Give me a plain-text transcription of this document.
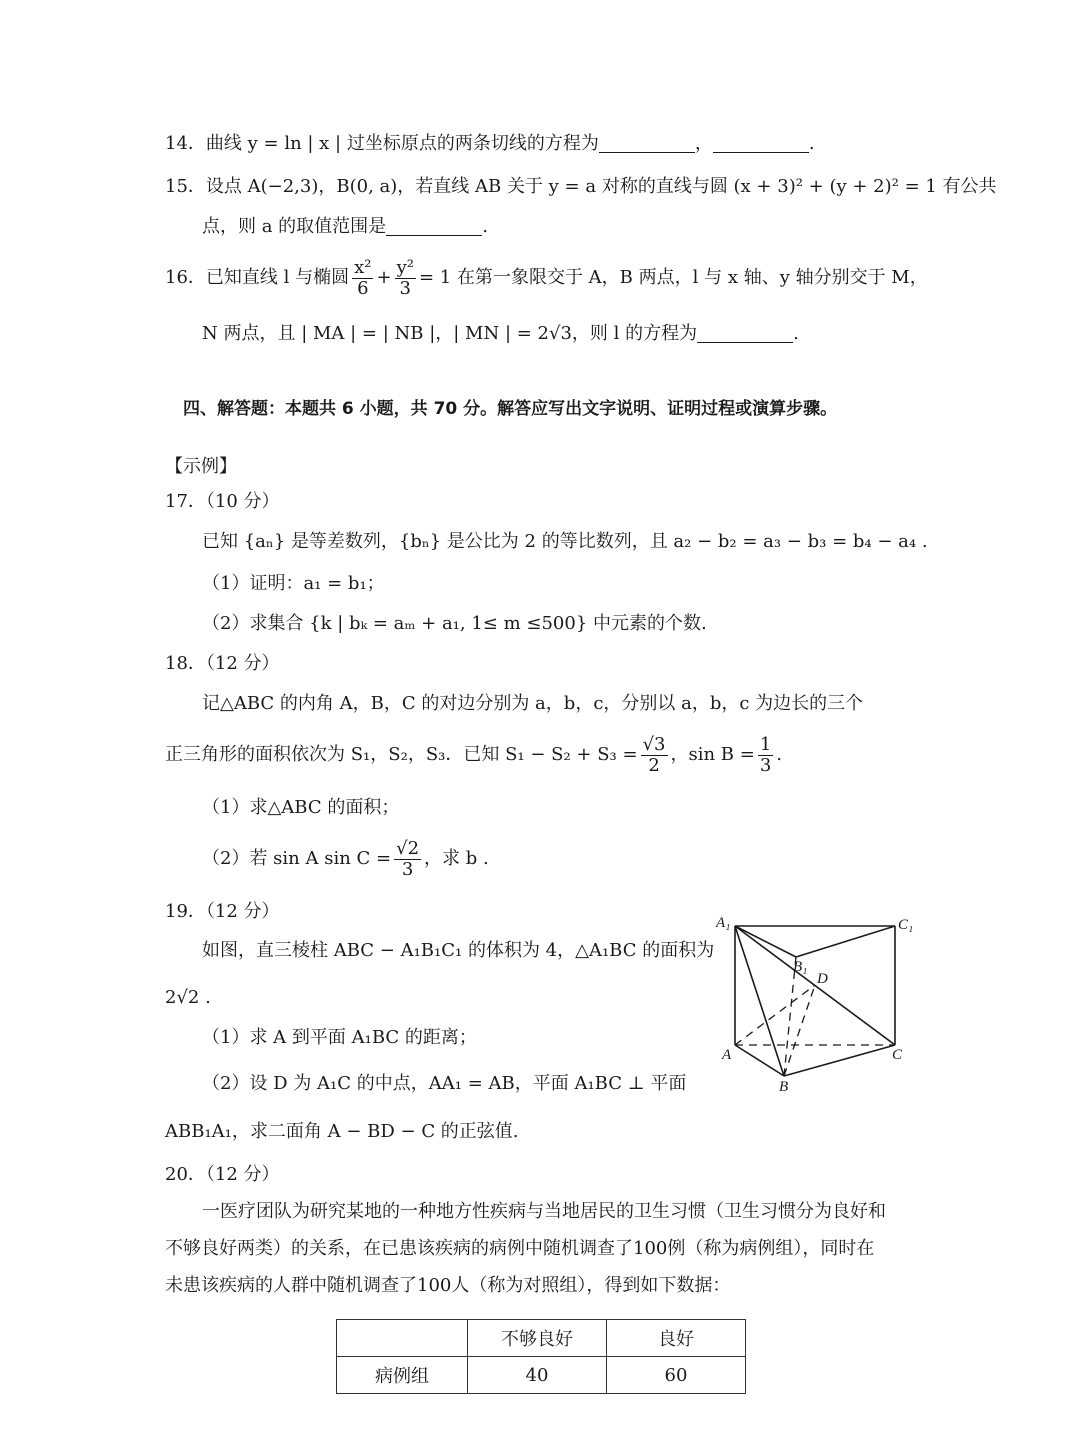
14．曲线 y = ln | x | 过坐标原点的两条切线的方程为	，	.
15．设点 A(−2,3)，B(0, a)，若直线 AB 关于 y = a 对称的直线与圆 (x + 3)² + (y + 2)² = 1 有公共
点，则 a 的取值范围是	.
16．已知直线 l 与椭圆 $\frac{\text{x²}}{6} + \frac{\text{y²}}{3} = 1$ 在第一象限交于 A，B 两点，l 与 x 轴、y 轴分别交于 M，
N 两点，且 | MA | = | NB |，| MN | = 2√3，则 l 的方程为	.
四、解答题：本题共 6 小题，共 70 分。解答应写出文字说明、证明过程或演算步骤。
【示例】
17．（10 分）
已知 {aₙ} 是等差数列，{bₙ} 是公比为 2 的等比数列，且 a₂ − b₂ = a₃ − b₃ = b₄ − a₄ .
（1）证明：a₁ = b₁；
（2）求集合 {k | bₖ = aₘ + a₁, 1≤ m ≤500} 中元素的个数.
18．（12 分）
记△ABC 的内角 A，B，C 的对边分别为 a，b，c，分别以 a，b，c 为边长的三个
正三角形的面积依次为 S₁，S₂，S₃．已知 $S_1 - S_2 + S_3 = \frac{√3}{2}$ ，$\sin B = \frac{1}{3}$ .
（1）求△ABC 的面积；
（2）若 sin A $\sin C = \frac{√2}{3}$ ，求 b .
19．（12 分）
如图，直三棱柱 ABC − A₁B₁C₁ 的体积为 4，△A₁BC 的面积为
2√2 .
（1）求 A 到平面 A₁BC 的距离；
（2）设 D 为 A₁C 的中点，AA₁ = AB，平面 A₁BC ⊥ 平面
ABB₁A₁，求二面角 A − BD − C 的正弦值.
A₁	C₁
B₁
D
A
B
C
20．（12 分）
一医疗团队为研究某地的一种地方性疾病与当地居民的卫生习惯（卫生习惯分为良好和
不够良好两类）的关系，在已患该疾病的病例中随机调查了100例（称为病例组），同时在
未患该疾病的人群中随机调查了100人（称为对照组），得到如下数据：
	不够良好	良好
病例组	40	60
